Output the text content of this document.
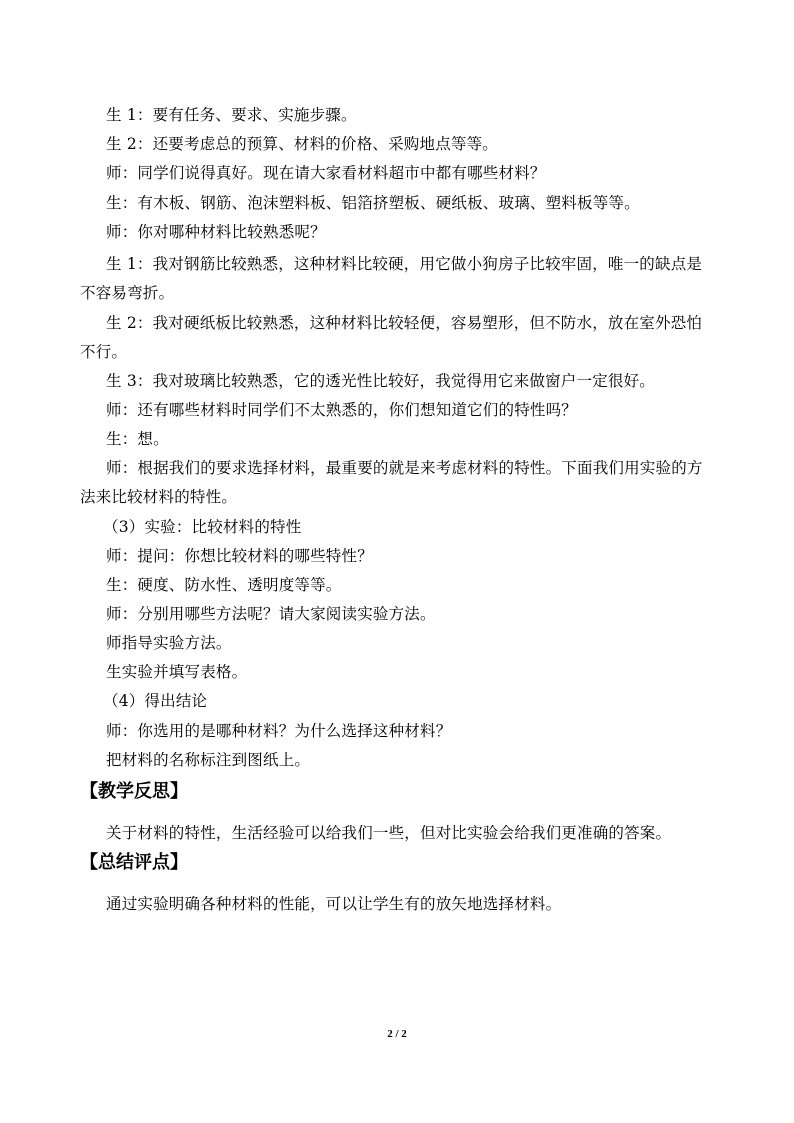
生 1：要有任务、要求、实施步骤。
生 2：还要考虑总的预算、材料的价格、采购地点等等。
师：同学们说得真好。现在请大家看材料超市中都有哪些材料？
生：有木板、钢筋、泡沫塑料板、铝箔挤塑板、硬纸板、玻璃、塑料板等等。
师：你对哪种材料比较熟悉呢？
生 1：我对钢筋比较熟悉，这种材料比较硬，用它做小狗房子比较牢固，唯一的缺点是
不容易弯折。
生 2：我对硬纸板比较熟悉，这种材料比较轻便，容易塑形，但不防水，放在室外恐怕
不行。
生 3：我对玻璃比较熟悉，它的透光性比较好，我觉得用它来做窗户一定很好。
师：还有哪些材料时同学们不太熟悉的，你们想知道它们的特性吗？
生：想。
师：根据我们的要求选择材料，最重要的就是来考虑材料的特性。下面我们用实验的方
法来比较材料的特性。
（3）实验：比较材料的特性
师：提问：你想比较材料的哪些特性？
生：硬度、防水性、透明度等等。
师：分别用哪些方法呢？请大家阅读实验方法。
师指导实验方法。
生实验并填写表格。
（4）得出结论
师：你选用的是哪种材料？为什么选择这种材料？
把材料的名称标注到图纸上。
【教学反思】
关于材料的特性，生活经验可以给我们一些，但对比实验会给我们更准确的答案。
【总结评点】
通过实验明确各种材料的性能，可以让学生有的放矢地选择材料。
2 / 2
